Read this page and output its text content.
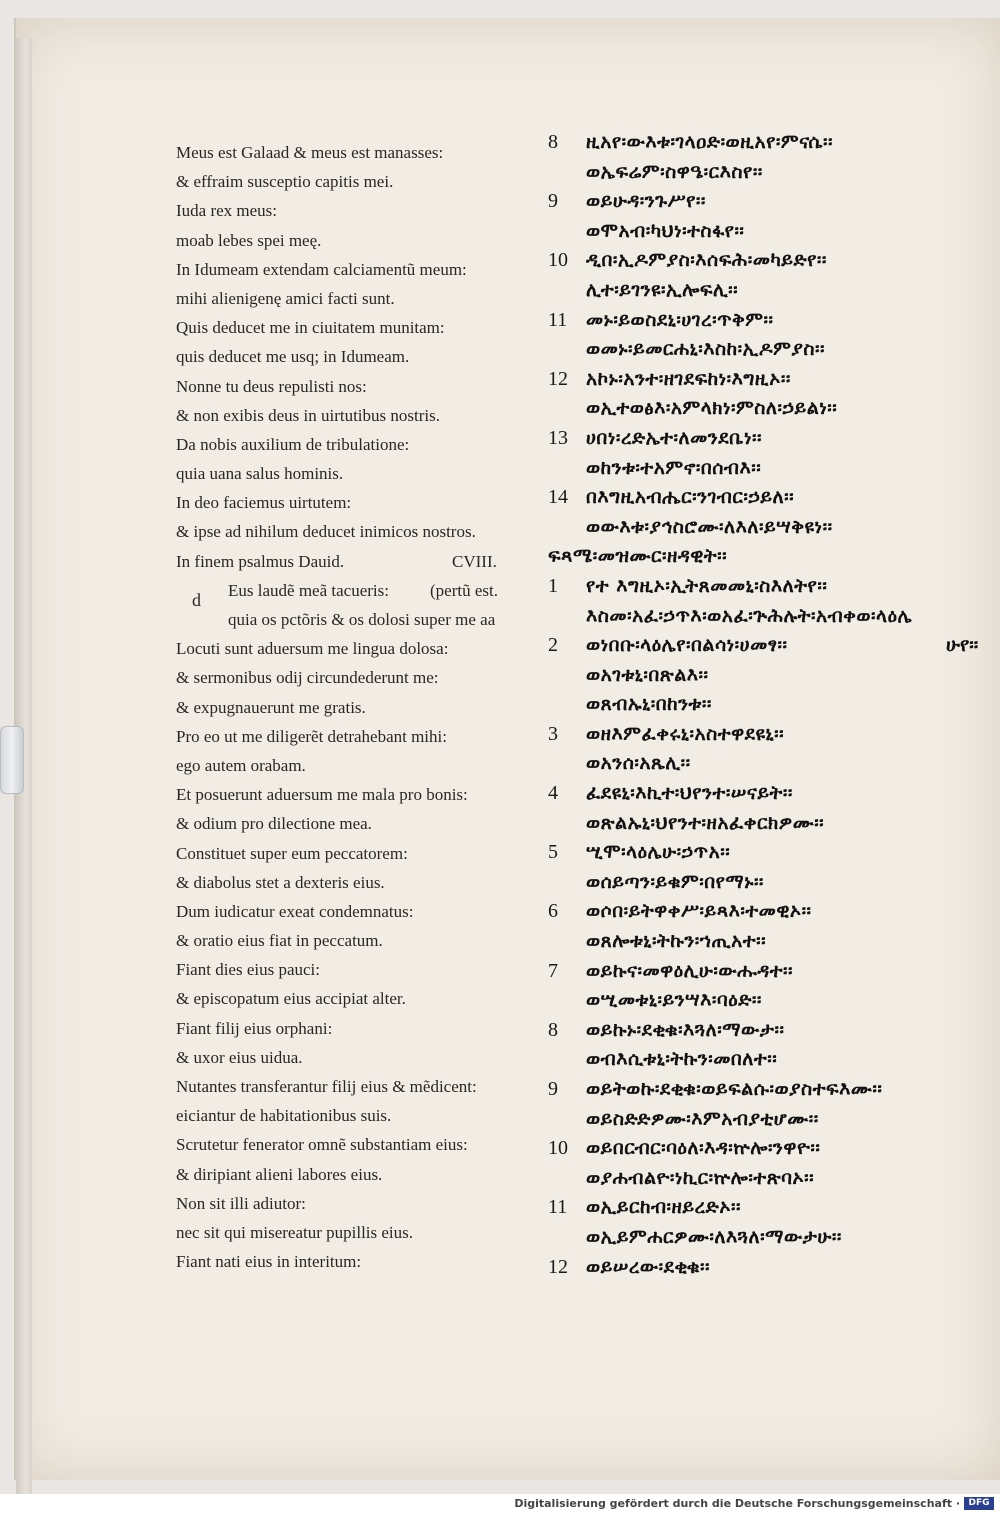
Meus est Galaad & meus est manasses:
& effraim susceptio capitis mei.
Iuda rex meus:
moab lebes spei meę.
In Idumeam extendam calciamentũ meum:
mihi alienigenę amici facti sunt.
Quis deducet me in ciuitatem munitam:
quis deducet me usq; in Idumeam.
Nonne tu deus repulisti nos:
& non exibis deus in uirtutibus nostris.
Da nobis auxilium de tribulatione:
quia uana salus hominis.
In deo faciemus uirtutem:
& ipse ad nihilum deducet inimicos nostros.
In finem psalmus Dauid.	CVIII.
d Eus laudẽ meã tacueris: (pertũ est.
quia os pctõris & os dolosi super me aa
Locuti sunt aduersum me lingua dolosa:
& sermonibus odij circundederunt me:
& expugnauerunt me gratis.
Pro eo ut me diligerẽt detrahebant mihi:
ego autem orabam.
Et posuerunt aduersum me mala pro bonis:
& odium pro dilectione mea.
Constituet super eum peccatorem:
& diabolus stet a dexteris eius.
Dum iudicatur exeat condemnatus:
& oratio eius fiat in peccatum.
Fiant dies eius pauci:
& episcopatum eius accipiat alter.
Fiant filij eius orphani:
& uxor eius uidua.
Nutantes transferantur filij eius & mẽdicent:
eiciantur de habitationibus suis.
Scrutetur fenerator omnẽ substantiam eius:
& diripiant alieni labores eius.
Non sit illi adiutor:
nec sit qui misereatur pupillis eius.
Fiant nati eius in interitum:
8	ዚአየ፡ውእቱ፡ገላዐድ፡ወዚአየ፡ምናሴ፡፡
ወኤፍሬም፡ስዋዔ፡ርእስየ፡፡
9	ወይሁዳ፡ንጉሥየ፡፡
ወሞአብ፡ካህነ፡ተስፋየ፡፡
10 ዲበ፡ኢዶምያስ፡እሰፍሕ፡መካይድየ፡፡
ሊተ፡ይገንዩ፡ኢሎፍሊ፡፡
11 መኑ፡ይወስደኒ፡ሀገረ፡ጥቅም፡፡
ወመኑ፡ይመርሐኒ፡እስከ፡ኢዶምያስ፡፡
12 አኮኑ፡አንተ፡ዘገደፍከነ፡እግዚኦ፡፡
ወኢተወፅእ፡አምላክነ፡ምስለ፡ኃይልነ፡፡
13 ሀበነ፡ረድኤተ፡ለመንደቤነ፡፡
ወከንቱ፡ተአምኖ፡በሰብእ፡፡
14 በእግዚአብሔር፡ንገብር፡ኃይለ፡፡
ወውእቱ፡ያኅስሮሙ፡ለእለ፡ይሣቅዩነ፡፡
ፍጻሜ፡መዝሙር፡ዘዳዊት፡፡
1	የተ እግዚኦ፡ኢትጸመመኒ፡ስእለትየ፡፡
እስመ፡አፈ፡ኃጥእ፡ወአፈ፡ጕሕሉት፡አብቀወ፡ላዕሌ
2	ወነበቡ፡ላዕሌየ፡በልሳነ፡ሀመፃ፡፡	ሁየ፡፡
ወአገቱኒ፡በጽልእ፡፡
ወጸብኡኒ፡በከንቱ፡፡
3	ወዘእምፈቀሩኒ፡አስተዋደዩኒ፡፡
ወአንሰ፡አጼሊ፡፡
4	ፈደዩኒ፡እኪተ፡ህየንተ፡ሠናይት፡፡
ወጽልኡኒ፡ህየንተ፡ዘአፈቀርክዎሙ፡፡
5	ሢሞ፡ላዕሌሁ፡ኃጥአ፡፡
ወሰይጣን፡ይቁም፡በየማኑ፡፡
6	ወሶበ፡ይትዋቀሥ፡ይጻእ፡ተመዊኦ፡፡
ወጸሎቱኒ፡ትኩን፡ኀጢአተ፡፡
7	ወይኩና፡መዋዕሊሁ፡ውሑዳተ፡፡
ወሢመቱኒ፡ይንሣእ፡ባዕድ፡፡
8	ወይኩኑ፡ደቂቁ፡እጓለ፡ማውታ፡፡
ወብእሲቱኒ፡ትኩን፡መበለተ፡፡
9	ወይትወኩ፡ደቂቁ፡ወይፍልሱ፡ወያስተፍእሙ፡፡
ወይስድድዎሙ፡እምአብያቲሆሙ፡፡
10 ወይበርብር፡ባዕለ፡እዳ፡ኵሎ፡ንዋዮ፡፡
ወያሐብልዮ፡ነኪር፡ኵሎ፡ተጽባኦ፡፡
11 ወኢይርከብ፡ዘይረድኦ፡፡
ወኢይምሐርዎሙ፡ለእጓለ፡ማውታሁ፡፡
12 ወይሠረው፡ደቂቁ፡፡
Digitalisierung gefördert durch die Deutsche Forschungsgemeinschaft · DFG
